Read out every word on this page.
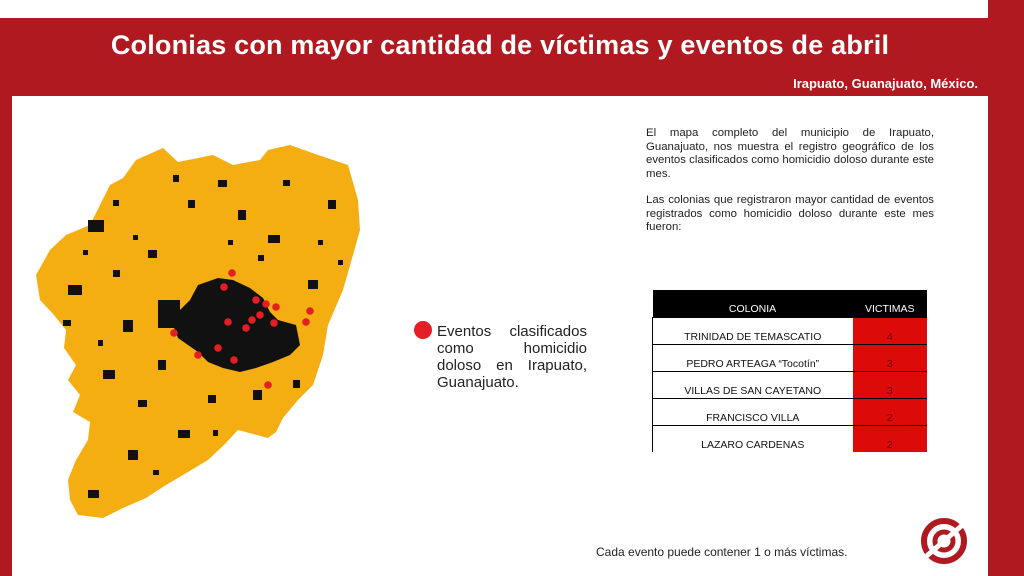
Colonias con mayor cantidad de víctimas y eventos de abril
Irapuato, Guanajuato, México.
Eventos clasificados como homicidio doloso en Irapuato, Guanajuato.

El mapa completo del municipio de Irapuato, Guanajuato, nos muestra el registro geográfico de los eventos clasificados como homicidio doloso durante este mes.

Las colonias que registraron mayor cantidad de eventos registrados como homicidio doloso durante este mes fueron:

COLONIA	VICTIMAS
TRINIDAD DE TEMASCATIO	4
PEDRO ARTEAGA “Tocotín”	3
VILLAS DE SAN CAYETANO	3
FRANCISCO VILLA	2
LAZARO CARDENAS	2
Cada evento puede contener 1 o más víctimas.
